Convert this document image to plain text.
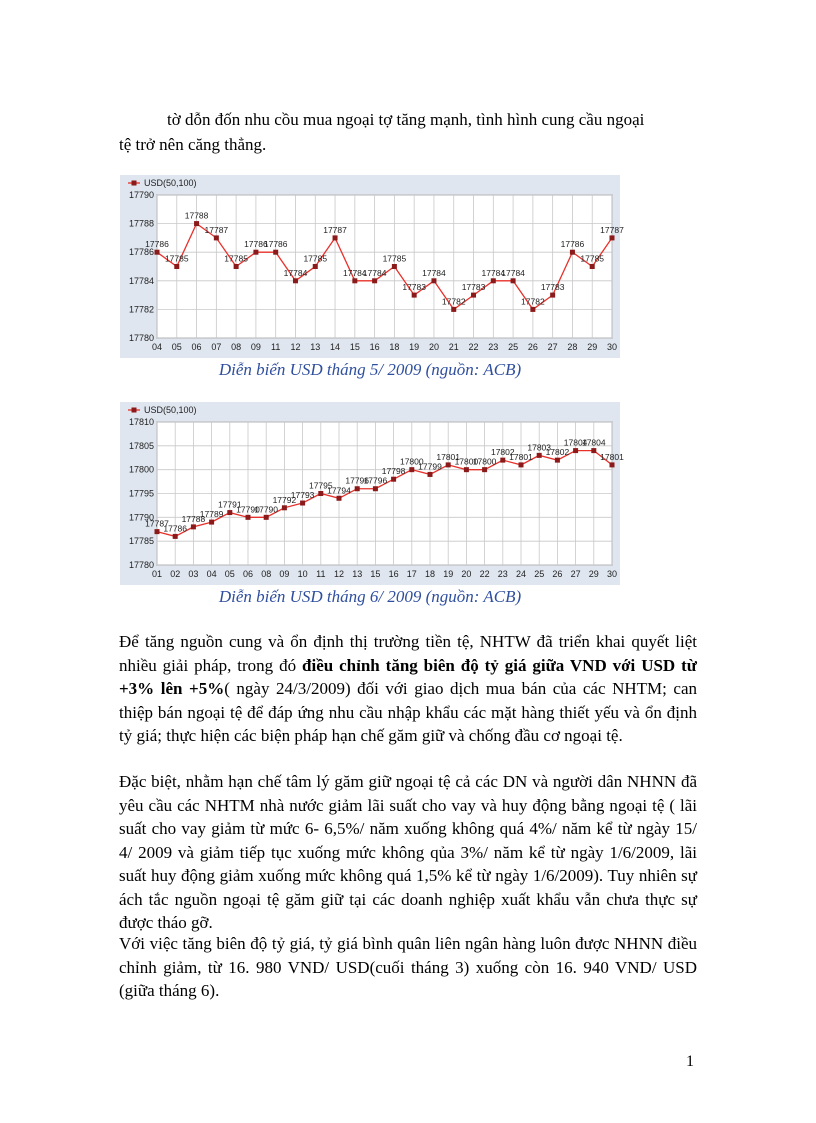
tờ dỗn đốn nhu cồu mua ngoại tợ tăng mạnh, tình hình cung cầu ngoại

tệ trở nên căng thẳng.

17780
17782
17784
17786
17788
17790
04 05 06 07 08 09 11 12 13 14 15 16 18 19 20 21 22 23 25 26 27 28 29 30
17786
17785
17788
17787
17785
17786
17786
17784
17785
17787
17784
17784
17785
17783
17784
17782
17783
17784
17784
17782
17783
17786
17785
17787
USD(50,100)

Diễn biến USD tháng 5/ 2009 (nguồn: ACB)

17780
17785
17790
17795
17800
17805
17810
01 02 03 04 05 06 08 09 10 11 12 13 15 16 17 18 19 20 22 23 24 25 26 27 29 30
17787
17786
17788
17789
17791
17790
17790
17792
17793
17795
17794
17796
17796
17798
17800
17799
17801
17800
17800
17802
17801
17803
17802
17804
17804
17801
USD(50,100)

Diễn biến USD tháng 6/ 2009 (nguồn: ACB)

Để tăng nguồn cung và ổn định thị trường tiền tệ, NHTW đã triển khai quyết liệt nhiều giải pháp, trong đó điều chỉnh tăng biên độ tỷ giá giữa VND với USD từ +3% lên +5%( ngày 24/3/2009) đối với giao dịch mua bán của các NHTM; can thiệp bán ngoại tệ để đáp ứng nhu cầu nhập khẩu các mặt hàng thiết yếu và ổn định tỷ giá; thực hiện các biện pháp hạn chế găm giữ và chống đầu cơ ngoại tệ.

Đặc biệt, nhằm hạn chế tâm lý găm giữ ngoại tệ cả các DN và người dân NHNN đã yêu cầu các NHTM nhà nước giảm lãi suất cho vay và huy động bằng ngoại tệ ( lãi suất cho vay giảm từ mức 6- 6,5%/ năm xuống không quá 4%/ năm kể từ ngày 15/ 4/ 2009 và giảm tiếp tục xuống mức không qủa 3%/ năm kể từ ngày 1/6/2009, lãi suất huy động giảm xuống mức không quá 1,5% kể từ ngày 1/6/2009). Tuy nhiên sự ách tắc nguồn ngoại tệ găm giữ tại các doanh nghiệp xuất khẩu vẫn chưa thực sự được tháo gỡ.

Với việc tăng biên độ tỷ giá, tỷ giá bình quân liên ngân hàng luôn được NHNN điều chỉnh giảm, từ 16. 980 VND/ USD(cuối tháng 3) xuống còn 16. 940 VND/ USD (giữa tháng 6).

1
